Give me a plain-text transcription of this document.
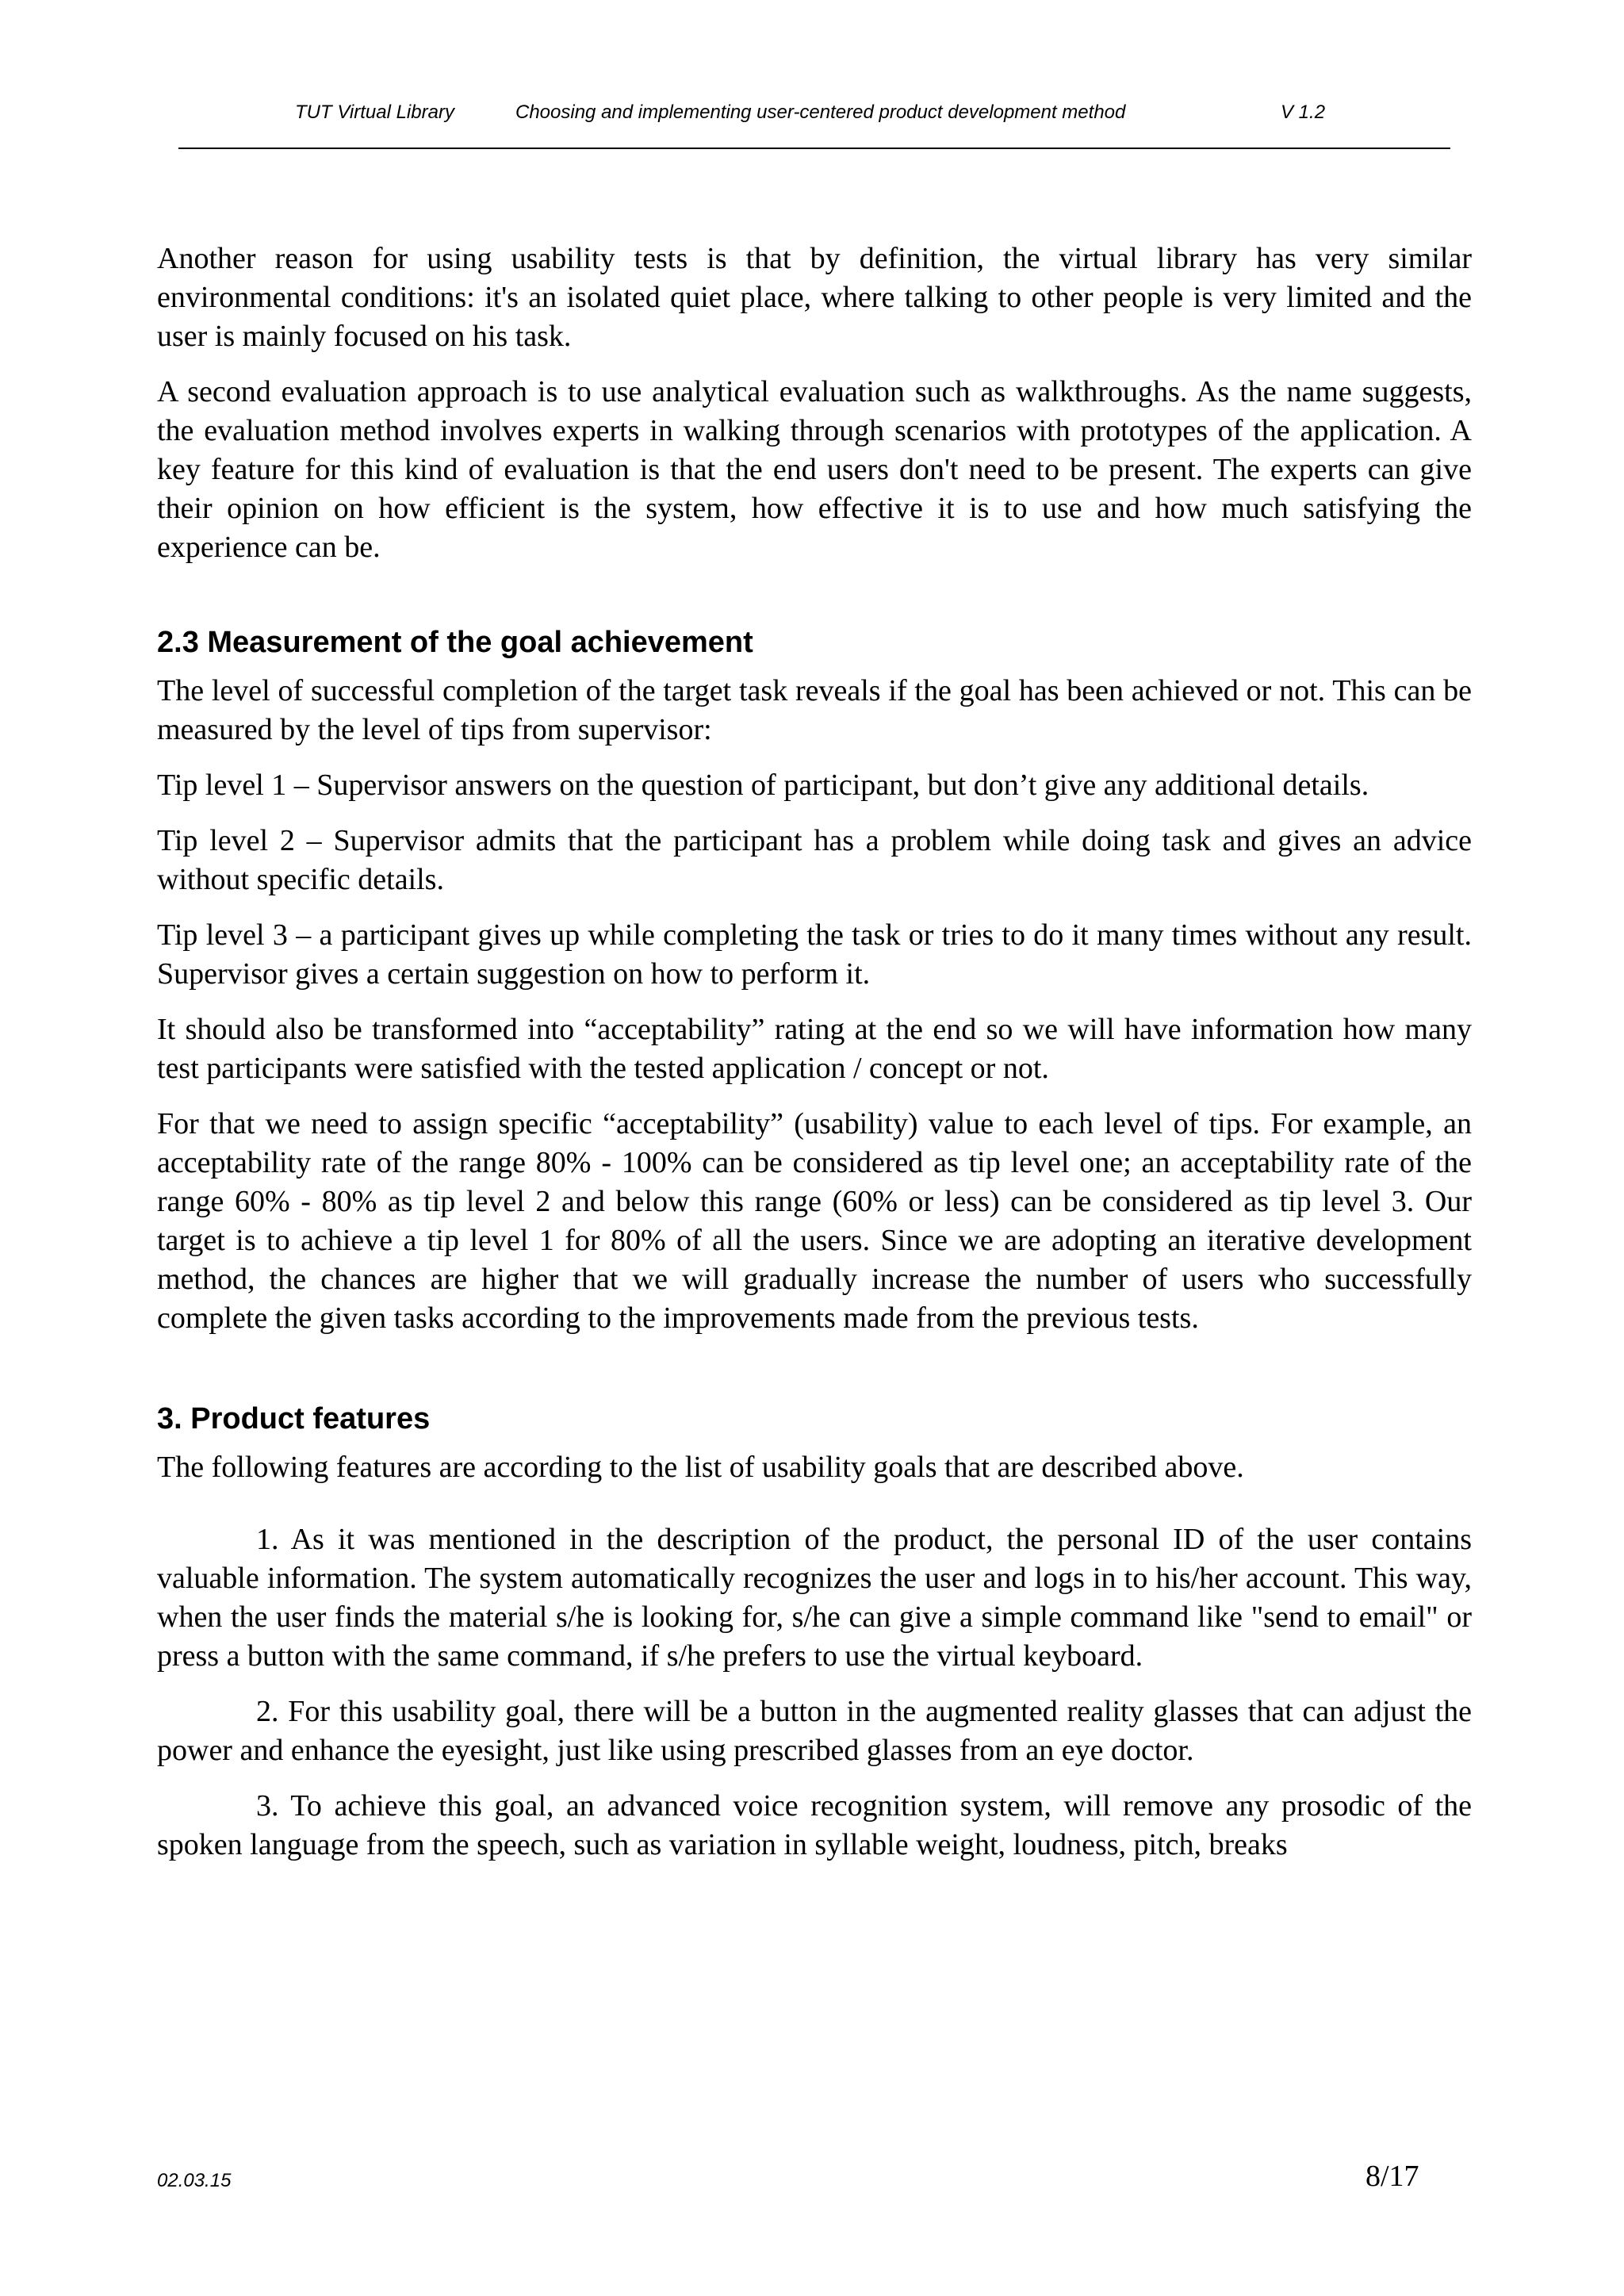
TUT Virtual Library	Choosing and implementing user-centered product development method	V 1.2

Another reason for using usability tests is that by definition, the virtual library has very similar environmental conditions: it's an isolated quiet place, where talking to other people is very limited and the user is mainly focused on his task.

A second evaluation approach is to use analytical evaluation such as walkthroughs. As the name suggests, the evaluation method involves experts in walking through scenarios with prototypes of the application. A key feature for this kind of evaluation is that the end users don't need to be present. The experts can give their opinion on how efficient is the system, how effective it is to use and how much satisfying the experience can be.

2.3 Measurement of the goal achievement

The level of successful completion of the target task reveals if the goal has been achieved or not. This can be measured by the level of tips from supervisor:

Tip level 1 – Supervisor answers on the question of participant, but don’t give any additional details.

Tip level 2 – Supervisor admits that the participant has a problem while doing task and gives an advice without specific details.

Tip level 3 – a participant gives up while completing the task or tries to do it many times without any result. Supervisor gives a certain suggestion on how to perform it.

It should also be transformed into “acceptability” rating at the end so we will have information how many test participants were satisfied with the tested application / concept or not.

For that we need to assign specific “acceptability” (usability) value to each level of tips. For example, an acceptability rate of the range 80% - 100% can be considered as tip level one; an acceptability rate of the range 60% - 80% as tip level 2 and below this range (60% or less) can be considered as tip level 3. Our target is to achieve a tip level 1 for 80% of all the users. Since we are adopting an iterative development method, the chances are higher that we will gradually increase the number of users who successfully complete the given tasks according to the improvements made from the previous tests.

3. Product features

The following features are according to the list of usability goals that are described above.

1. As it was mentioned in the description of the product, the personal ID of the user contains valuable information. The system automatically recognizes the user and logs in to his/her account. This way, when the user finds the material s/he is looking for, s/he can give a simple command like "send to email" or press a button with the same command, if s/he prefers to use the virtual keyboard.

2. For this usability goal, there will be a button in the augmented reality glasses that can adjust the power and enhance the eyesight, just like using prescribed glasses from an eye doctor.

3. To achieve this goal, an advanced voice recognition system, will remove any prosodic of the spoken language from the speech, such as variation in syllable weight, loudness, pitch, breaks

02.03.15	8/17
